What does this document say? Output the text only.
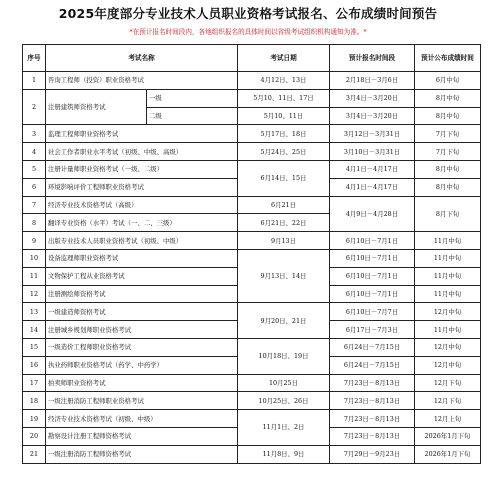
2025年度部分专业技术人员职业资格考试报名、公布成绩时间预告
*在预计报名时间段内，各地组织报名的具体时间以省级考试组织机构通知为准。*
序号	考试名称		考试日期	预计报名时间段	预计公布成绩时间
1	咨询工程师（投资）职业资格考试		4月12日、13日	2月18日－3月6日	6月中旬
2	注册建筑师资格考试	一级	5月10、11日、17日	3月4日－3月20日	8月中旬
		二级	5月10、11日	3月4日－3月20日	8月中旬
3	监理工程师职业资格考试		5月17日、18日	3月12日－3月31日	7月下旬
4	社会工作者职业水平考试（初级、中级、高级）		5月24日、25日	3月10日－3月31日	7月下旬
5	注册计量师职业资格考试（一级、二级）		6月14日、15日	4月1日－4月17日	8月中旬
6	环境影响评价工程师职业资格考试			4月1日－4月17日	8月中旬
7	经济专业技术资格考试（高级）		6月21日	4月9日－4月28日	8月下旬
8	翻译专业资格（水平）考试（一、二、三级）		6月21日、22日		
9	出版专业技术人员职业资格考试（初级、中级）		9月13日	6月10日－7月1日	11月中旬
10	设备监理师职业资格考试		9月13日、14日	6月10日－7月1日	11月中旬
11	文物保护工程从业资格考试			6月10日－7月1日	11月中旬
12	注册测绘师资格考试			6月10日－7月1日	11月中旬
13	一级建造师资格考试		9月20日、21日	6月10日－7月7日	12月中旬
14	注册城乡规划师职业资格考试			6月17日－7月3日	11月中旬
15	一级造价工程师职业资格考试		10月18日、19日	6月24日－7月15日	12月中旬
16	执业药师职业资格考试（药学、中药学）			6月24日－7月15日	12月中旬
17	拍卖师职业资格考试		10月25日	7月23日－8月13日	12月下旬
18	一级注册消防工程师职业资格考试		10月25日、26日	7月23日－8月13日	12月下旬
19	经济专业技术资格考试（初级、中级）		11月1日、2日	7月23日－8月13日	12月上旬
20	勘察设计注册工程师资格考试			7月23日－8月13日	2026年1月下旬
21	一级注册消防工程师资格考试		11月8日、9日	7月29日－9月23日	2026年1月下旬
